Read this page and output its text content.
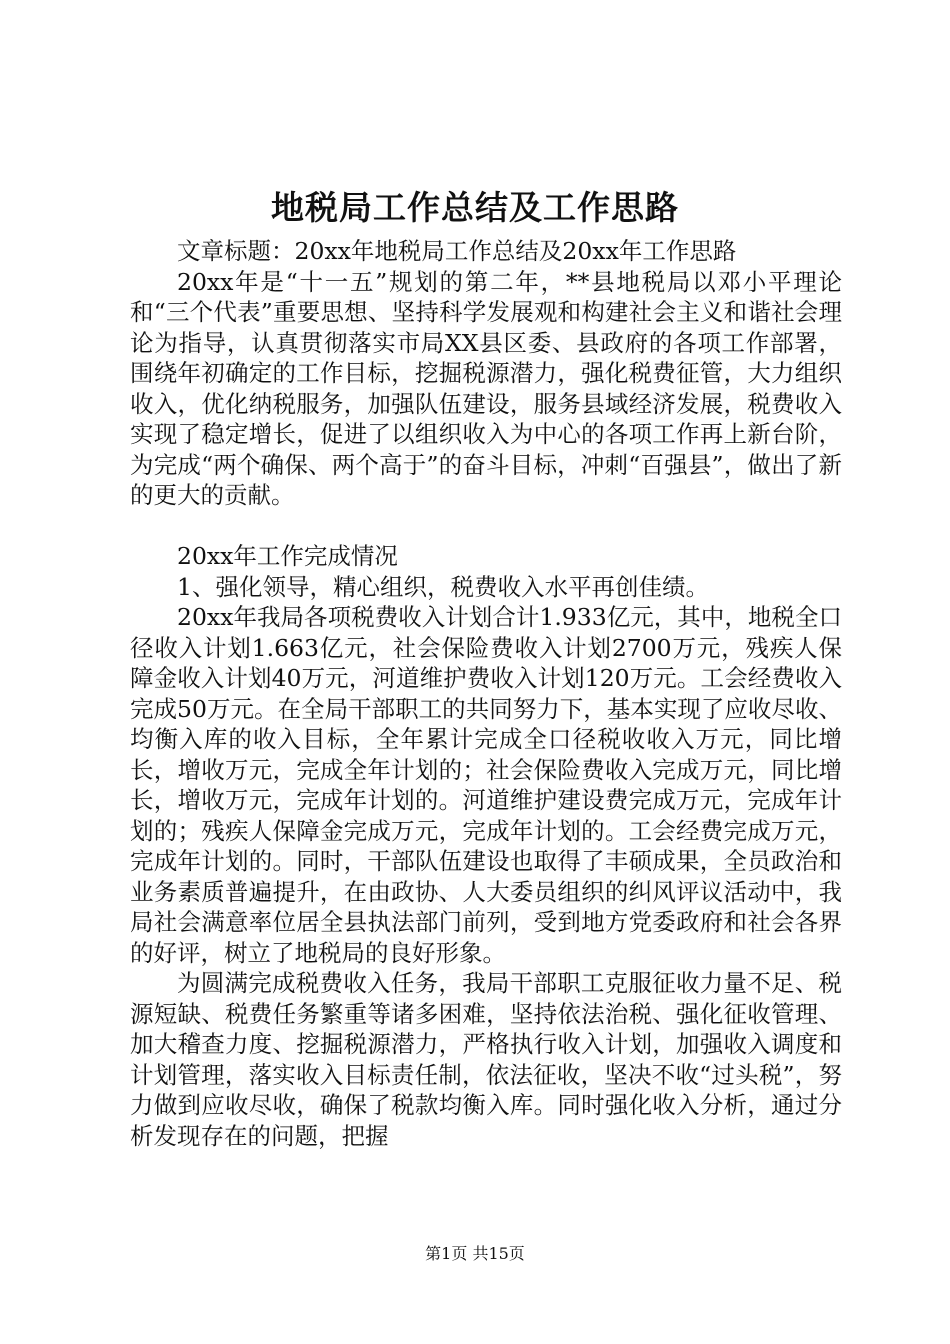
地税局工作总结及工作思路

文章标题：20xx年地税局工作总结及20xx年工作思路

20xx年是“十一五”规划的第二年，**县地税局以邓小平理论和“三个代表”重要思想、坚持科学发展观和构建社会主义和谐社会理论为指导，认真贯彻落实市局XX县区委、县政府的各项工作部署，围绕年初确定的工作目标，挖掘税源潜力，强化税费征管，大力组织收入，优化纳税服务，加强队伍建设，服务县域经济发展，税费收入实现了稳定增长，促进了以组织收入为中心的各项工作再上新台阶，为完成“两个确保、两个高于”的奋斗目标，冲刺“百强县”，做出了新的更大的贡献。

20xx年工作完成情况

1、强化领导，精心组织，税费收入水平再创佳绩。

20xx年我局各项税费收入计划合计1.933亿元，其中，地税全口径收入计划1.663亿元，社会保险费收入计划2700万元，残疾人保障金收入计划40万元，河道维护费收入计划120万元。工会经费收入完成50万元。在全局干部职工的共同努力下，基本实现了应收尽收、均衡入库的收入目标，全年累计完成全口径税收收入万元，同比增长，增收万元，完成全年计划的；社会保险费收入完成万元，同比增长，增收万元，完成年计划的。河道维护建设费完成万元，完成年计划的；残疾人保障金完成万元，完成年计划的。工会经费完成万元，完成年计划的。同时，干部队伍建设也取得了丰硕成果，全员政治和业务素质普遍提升，在由政协、人大委员组织的纠风评议活动中，我局社会满意率位居全县执法部门前列，受到地方党委政府和社会各界的好评，树立了地税局的良好形象。

为圆满完成税费收入任务，我局干部职工克服征收力量不足、税源短缺、税费任务繁重等诸多困难，坚持依法治税、强化征收管理、加大稽查力度、挖掘税源潜力，严格执行收入计划，加强收入调度和计划管理，落实收入目标责任制，依法征收，坚决不收“过头税”，努力做到应收尽收，确保了税款均衡入库。同时强化收入分析，通过分析发现存在的问题，把握

第1页 共15页
